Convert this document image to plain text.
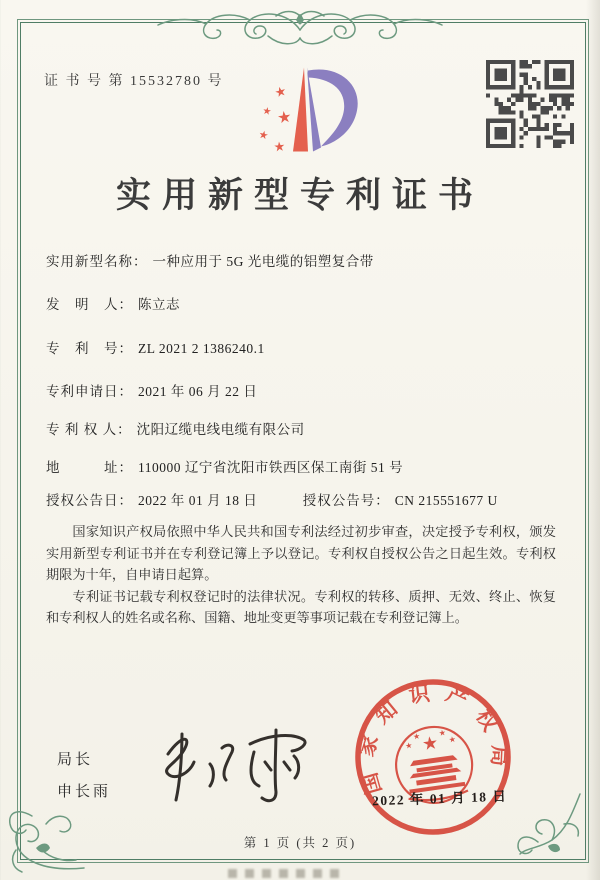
证 书 号 第 15532780 号
★
★ ★
★
★
实用新型专利证书
实用新型名称： 一种应用于 5G 光电缆的铝塑复合带
发　明　人： 陈立志
专　利　号： ZL 2021 2 1386240.1
专利申请日： 2021 年 06 月 22 日
专 利 权 人： 沈阳辽缆电线电缆有限公司
地　　　址： 110000 辽宁省沈阳市铁西区保工南街 51 号
授权公告日： 2022 年 01 月 18 日	授权公告号： CN 215551677 U

国家知识产权局依照中华人民共和国专利法经过初步审查，决定授予专利权，颁发实用新型专利证书并在专利登记簿上予以登记。专利权自授权公告之日起生效。专利权期限为十年，自申请日起算。

专利证书记载专利权登记时的法律状况。专利权的转移、质押、无效、终止、恢复和专利权人的姓名或名称、国籍、地址变更等事项记载在专利登记簿上。

局长
申长雨	国家知识产权局
★
★
★ ★
★
2022 年 01 月 18 日
第 1 页 (共 2 页)
